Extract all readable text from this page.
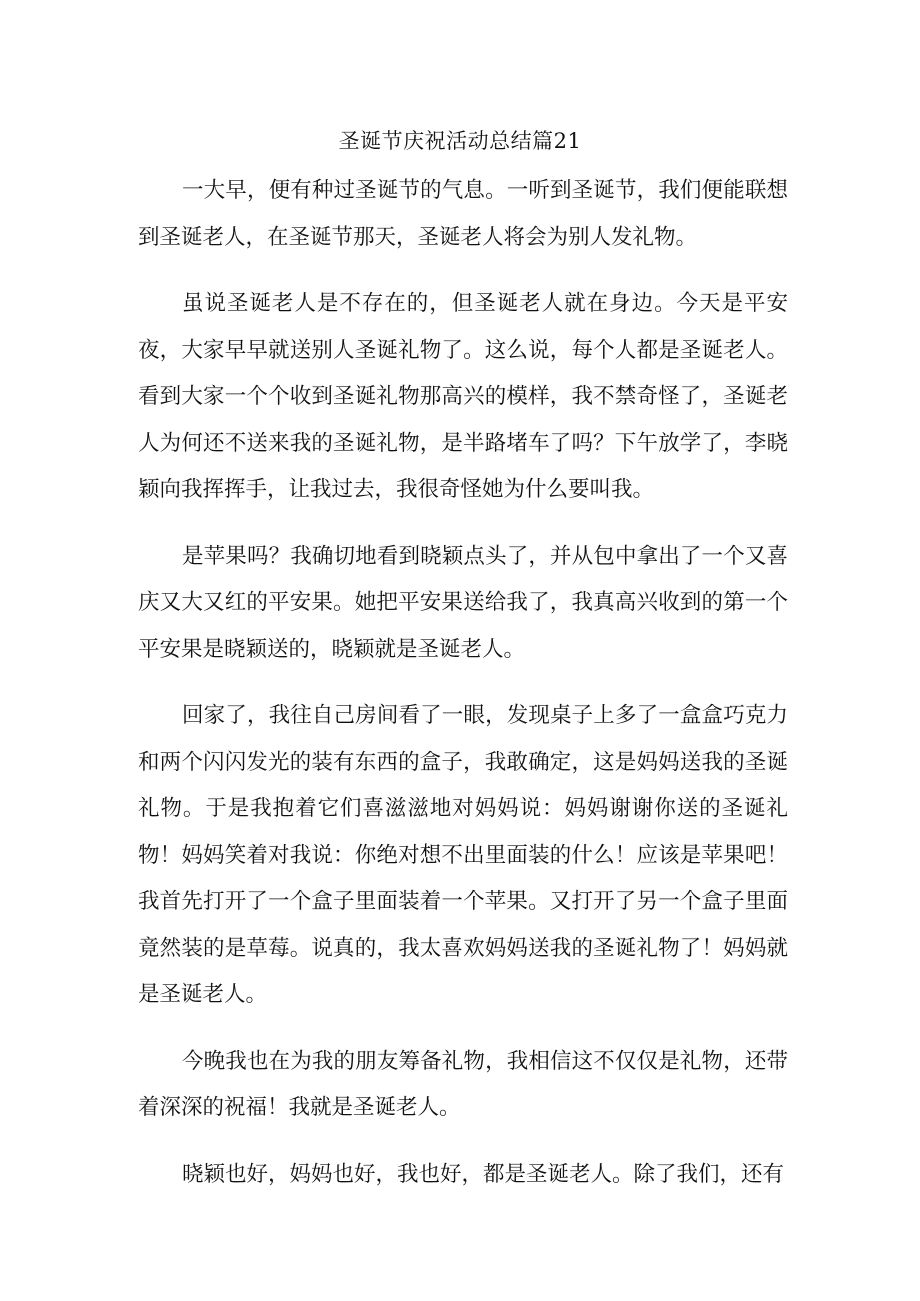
圣诞节庆祝活动总结篇21

一大早，便有种过圣诞节的气息。一听到圣诞节，我们便能联想到圣诞老人，在圣诞节那天，圣诞老人将会为别人发礼物。

虽说圣诞老人是不存在的，但圣诞老人就在身边。今天是平安夜，大家早早就送别人圣诞礼物了。这么说，每个人都是圣诞老人。看到大家一个个收到圣诞礼物那高兴的模样，我不禁奇怪了，圣诞老人为何还不送来我的圣诞礼物，是半路堵车了吗？下午放学了，李晓颖向我挥挥手，让我过去，我很奇怪她为什么要叫我。

是苹果吗？我确切地看到晓颖点头了，并从包中拿出了一个又喜庆又大又红的平安果。她把平安果送给我了，我真高兴收到的第一个平安果是晓颖送的，晓颖就是圣诞老人。

回家了，我往自己房间看了一眼，发现桌子上多了一盒盒巧克力和两个闪闪发光的装有东西的盒子，我敢确定，这是妈妈送我的圣诞礼物。于是我抱着它们喜滋滋地对妈妈说：妈妈谢谢你送的圣诞礼物！妈妈笑着对我说：你绝对想不出里面装的什么！应该是苹果吧！我首先打开了一个盒子里面装着一个苹果。又打开了另一个盒子里面竟然装的是草莓。说真的，我太喜欢妈妈送我的圣诞礼物了！妈妈就是圣诞老人。

今晚我也在为我的朋友筹备礼物，我相信这不仅仅是礼物，还带着深深的祝福！我就是圣诞老人。

晓颖也好，妈妈也好，我也好，都是圣诞老人。除了我们，还有
